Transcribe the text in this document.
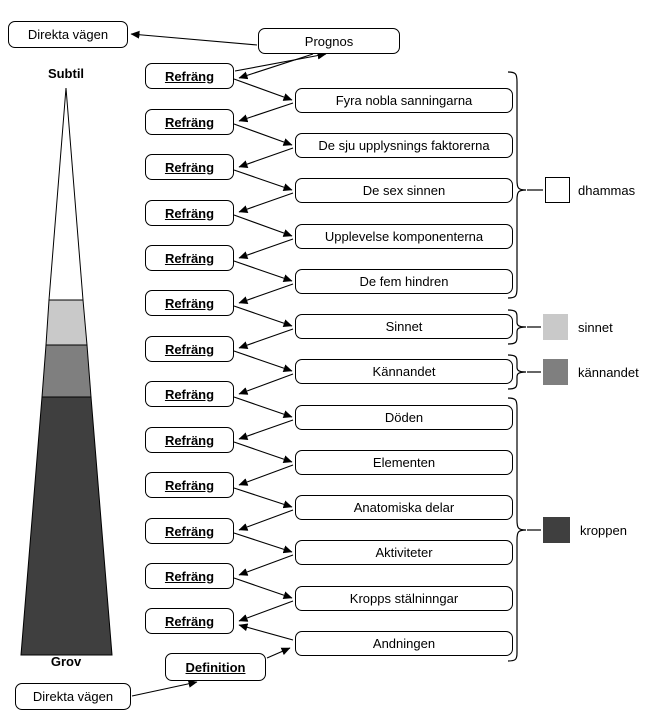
Direkta vägen	Prognos
Subtil
Grov
Refräng
Refräng
Refräng
Refräng
Refräng
Refräng
Refräng
Refräng
Refräng
Refräng
Refräng
Refräng
Refräng
Fyra nobla sanningarna
De sju upplysnings faktorerna
De sex sinnen
Upplevelse komponenterna
De fem hindren
Sinnet
Kännandet
Döden
Elementen
Anatomiska delar
Aktiviteter
Kropps stälninngar
Andningen
Definition
Direkta vägen
dhammas
sinnet
kännandet
kroppen
